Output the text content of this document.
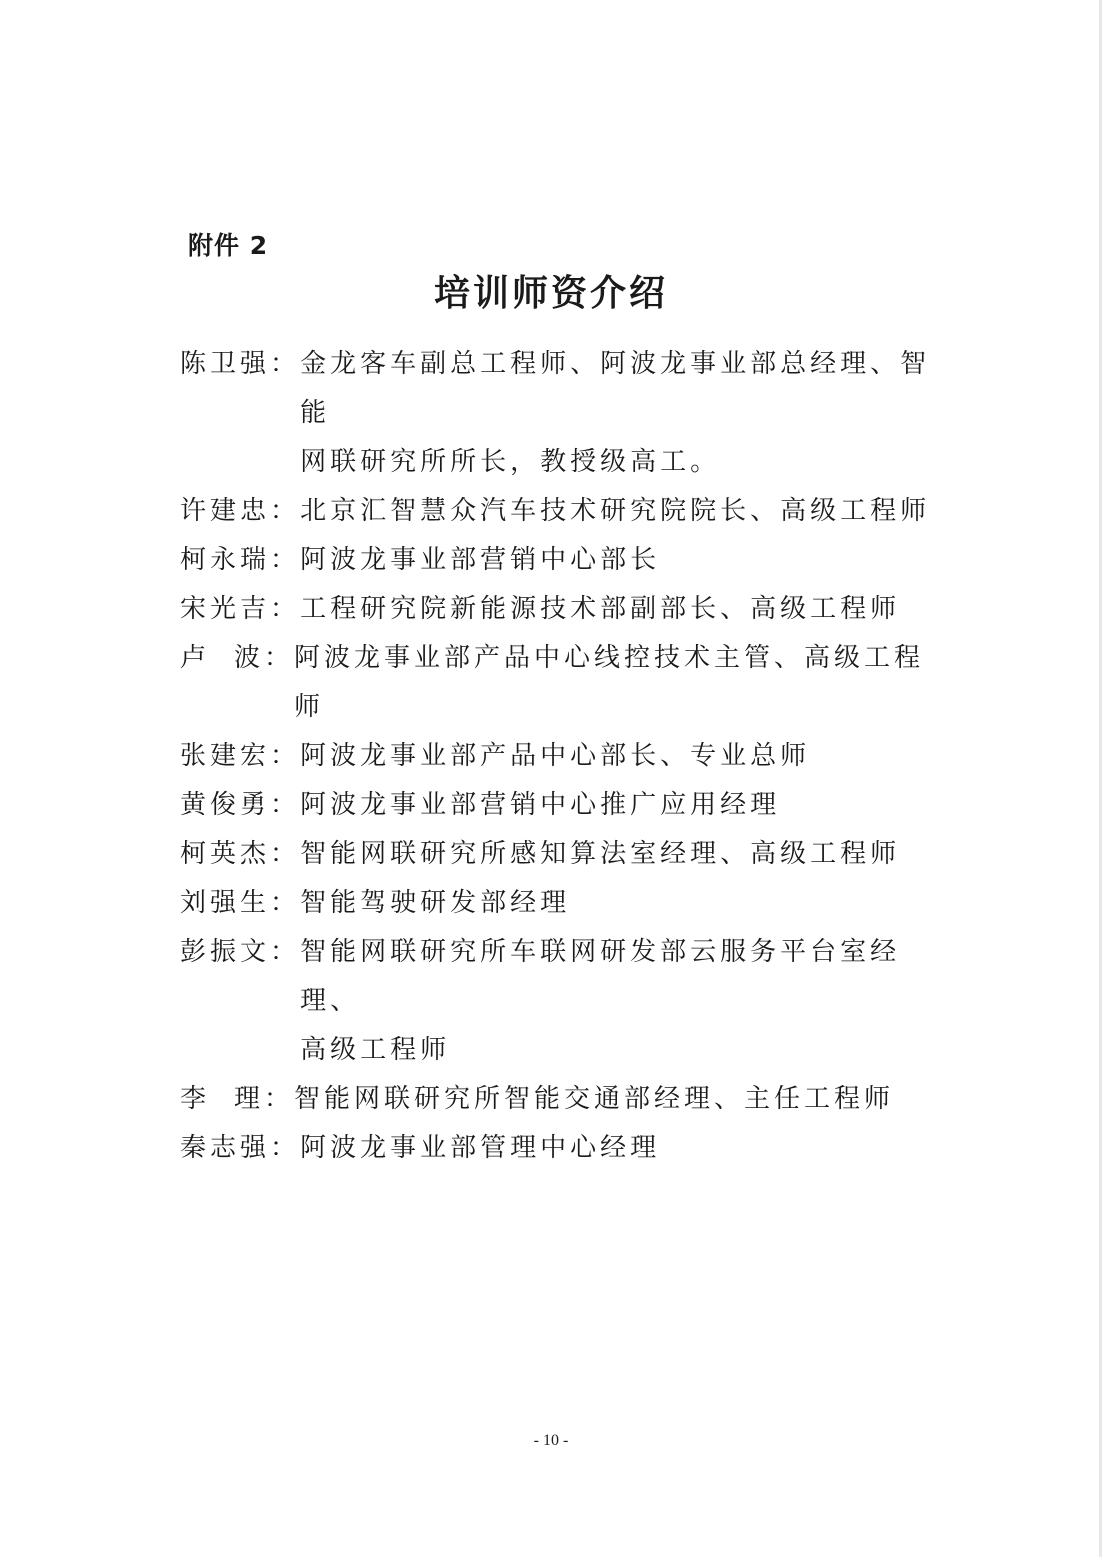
附件 2
培训师资介绍
陈 卫 强 ： 金龙客车副总工程师、阿波龙事业部总经理、智能
网联研究所所长，教授级高工。
许 建 忠 ： 北京汇智慧众汽车技术研究院院长、高级工程师
柯 永 瑞 ： 阿波龙事业部营销中心部长
宋 光 吉 ： 工程研究院新能源技术部副部长、高级工程师
卢 波 ： 阿波龙事业部产品中心线控技术主管、高级工程师
张 建 宏 ： 阿波龙事业部产品中心部长、专业总师
黄 俊 勇 ： 阿波龙事业部营销中心推广应用经理
柯 英 杰 ： 智能网联研究所感知算法室经理、高级工程师
刘 强 生 ： 智能驾驶研发部经理
彭 振 文 ： 智能网联研究所车联网研发部云服务平台室经理、
高级工程师
李 理 ： 智能网联研究所智能交通部经理、主任工程师
秦 志 强 ： 阿波龙事业部管理中心经理
- 10 -
